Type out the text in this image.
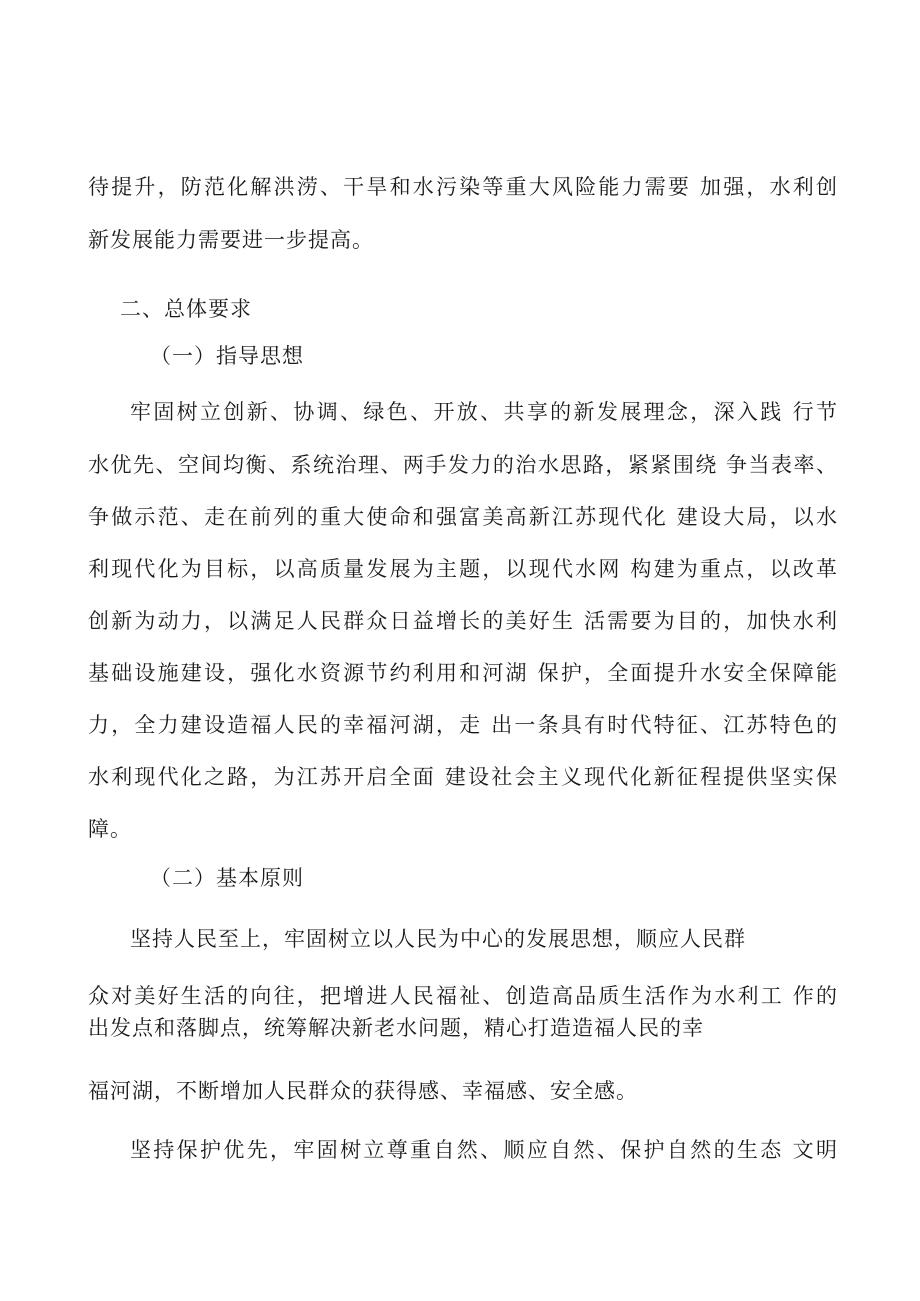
待提升，防范化解洪涝、干旱和水污染等重大风险能力需要 加强，水利创
新发展能力需要进一步提高。
二、总体要求
（一）指导思想
牢固树立创新、协调、绿色、开放、共享的新发展理念，深入践 行节
水优先、空间均衡、系统治理、两手发力的治水思路，紧紧围绕 争当表率、
争做示范、走在前列的重大使命和强富美高新江苏现代化 建设大局，以水
利现代化为目标，以高质量发展为主题，以现代水网 构建为重点，以改革
创新为动力，以满足人民群众日益增长的美好生 活需要为目的，加快水利
基础设施建设，强化水资源节约利用和河湖 保护，全面提升水安全保障能
力，全力建设造福人民的幸福河湖，走 出一条具有时代特征、江苏特色的
水利现代化之路，为江苏开启全面 建设社会主义现代化新征程提供坚实保
障。
（二）基本原则
坚持人民至上，牢固树立以人民为中心的发展思想，顺应人民群
众对美好生活的向往，把增进人民福祉、创造高品质生活作为水利工 作的
出发点和落脚点，统筹解决新老水问题，精心打造造福人民的幸
福河湖，不断增加人民群众的获得感、幸福感、安全感。
坚持保护优先，牢固树立尊重自然、顺应自然、保护自然的生态 文明
